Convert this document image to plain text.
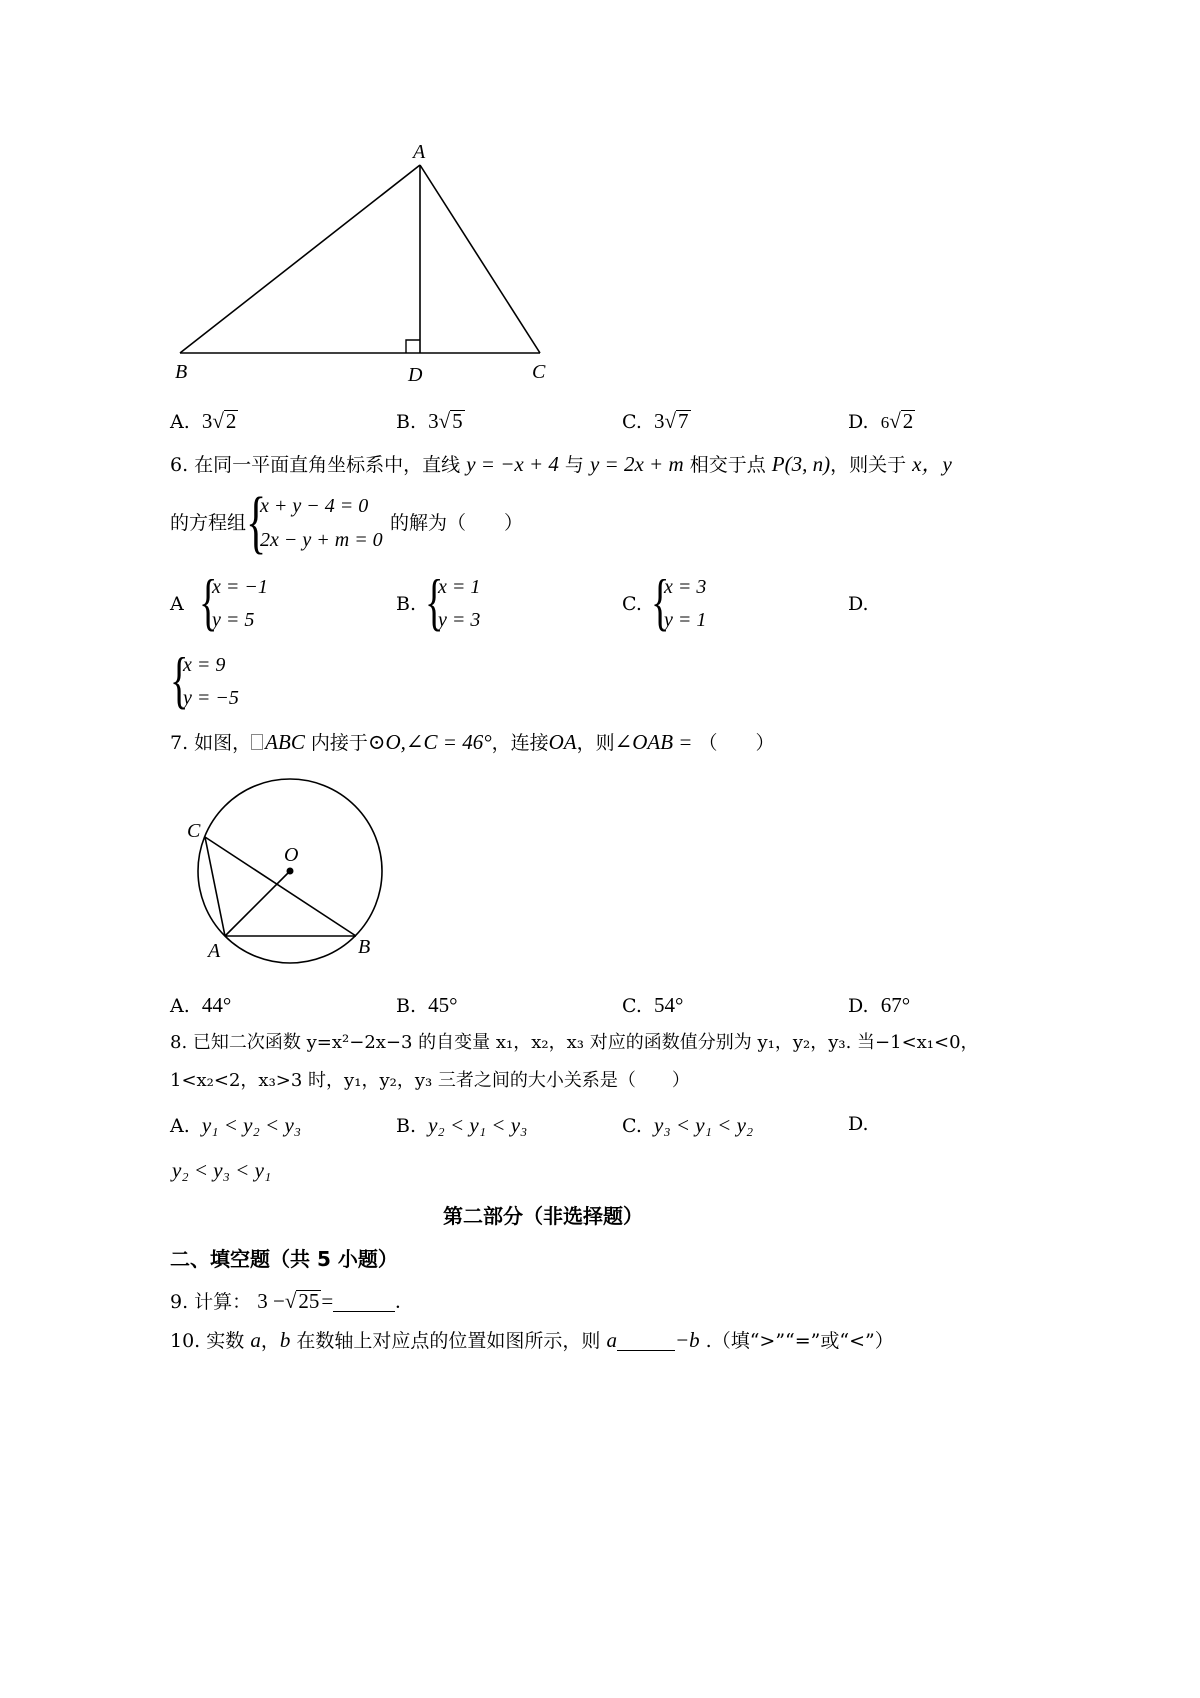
A
B	D	C
A. 3√2	B. 3√5	C. 3√7	D. 6√2
6. 在同一平面直角坐标系中，直线 y = −x + 4 与 y = 2x + m 相交于点 P(3, n)，则关于 x，y
的方程组 {
x + y − 4 = 0
2x − y + m = 0
的解为（　　）
A {
x = −1
y = 5
B. {
x = 1
y = 3
C. {
x = 3
y = 1
D.
{
x = 9
y = −5
7. 如图， ABC 内接于⊙O,∠C = 46°，连接OA，则∠OAB = （　　）
C
O
A	B
A. 44°	B. 45°	C. 54°	D. 67°
8. 已知二次函数 y=x²−2x−3 的自变量 x₁，x₂，x₃ 对应的函数值分别为 y₁，y₂，y₃. 当−1<x₁<0，
1<x₂<2，x₃>3 时，y₁，y₂，y₃ 三者之间的大小关系是（　　）
A. y₁ < y₂ < y₃	B. y₂ < y₁ < y₃	C. y₃ < y₁ < y₂	D.
y₂ < y₃ < y₁
第二部分（非选择题）
二、填空题（共 5 小题）
9. 计算： 3 −√25=	.
10. 实数 a，b 在数轴上对应点的位置如图所示，则 a	−b .（填“>”“=”或“<”）
